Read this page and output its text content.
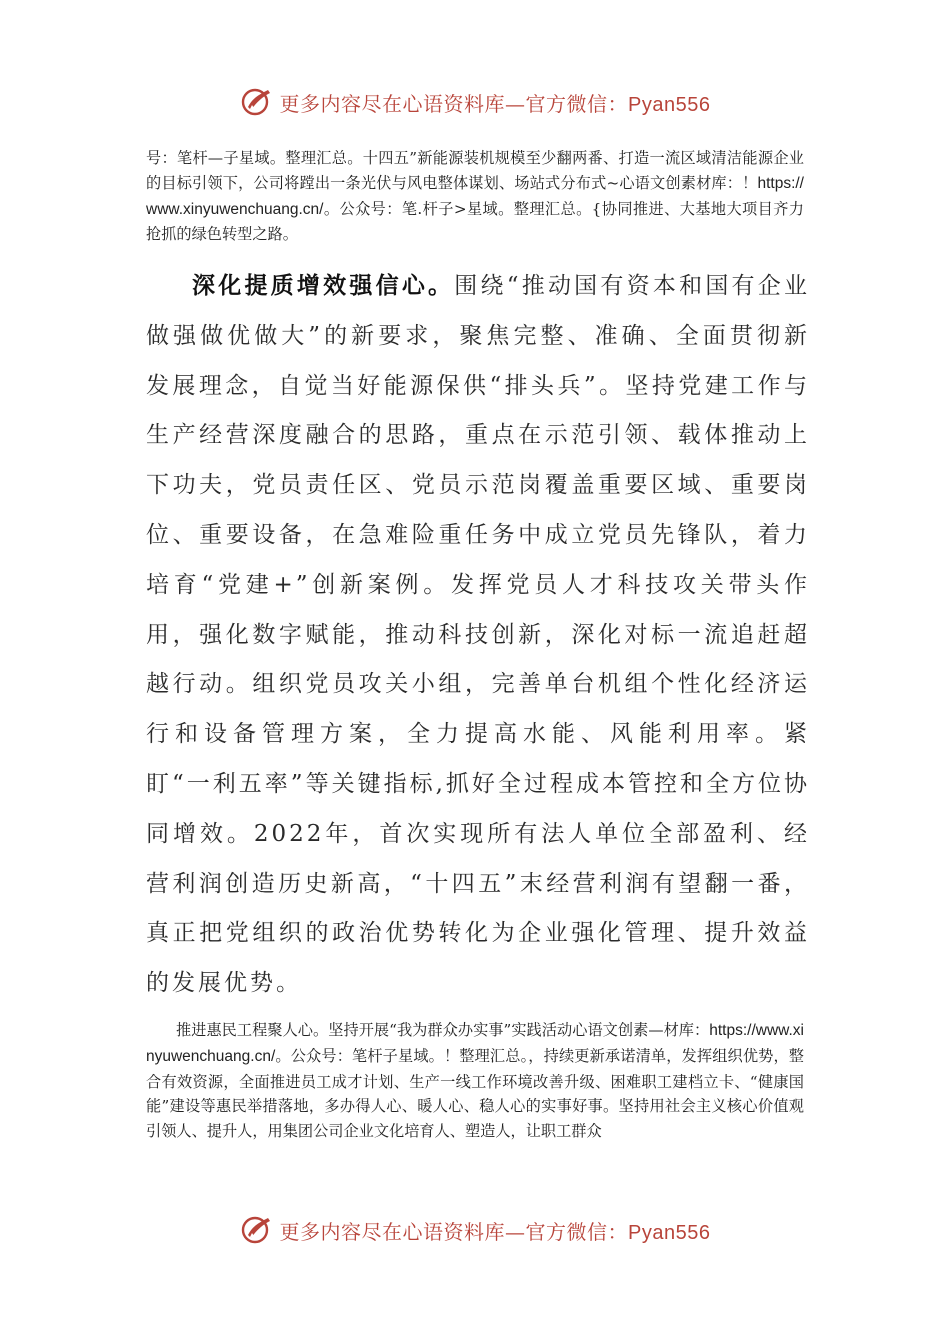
更多内容尽在心语资料库—官方微信：Pyan556

号：笔杆—子星域。整理汇总。十四五”新能源装机规模至少翻两番、打造一流区域清洁能源企业的目标引领下，公司将蹚出一条光伏与风电整体谋划、场站式分布式~心语文创素材库：！https://www.xinyuwenchuang.cn/。公众号：笔.杆子>星域。整理汇总。{协同推进、大基地大项目齐力抢抓的绿色转型之路。

深化提质增效强信心。围绕“推动国有资本和国有企业做强做优做大”的新要求，聚焦完整、准确、全面贯彻新发展理念，自觉当好能源保供“排头兵”。坚持党建工作与生产经营深度融合的思路，重点在示范引领、载体推动上下功夫，党员责任区、党员示范岗覆盖重要区域、重要岗位、重要设备，在急难险重任务中成立党员先锋队，着力培育“党建+”创新案例。发挥党员人才科技攻关带头作用，强化数字赋能，推动科技创新，深化对标一流追赶超越行动。组织党员攻关小组，完善单台机组个性化经济运行和设备管理方案，全力提高水能、风能利用率。紧盯“一利五率”等关键指标,抓好全过程成本管控和全方位协同增效。2022年，首次实现所有法人单位全部盈利、经营利润创造历史新高，“十四五”末经营利润有望翻一番，真正把党组织的政治优势转化为企业强化管理、提升效益的发展优势。

推进惠民工程聚人心。坚持开展“我为群众办实事”实践活动心语文创素—材库：https://www.xinyuwenchuang.cn/。公众号：笔杆子星域。！整理汇总。，持续更新承诺清单，发挥组织优势，整合有效资源，全面推进员工成才计划、生产一线工作环境改善升级、困难职工建档立卡、“健康国能”建设等惠民举措落地，多办得人心、暖人心、稳人心的实事好事。坚持用社会主义核心价值观引领人、提升人，用集团公司企业文化培育人、塑造人，让职工群众

更多内容尽在心语资料库—官方微信：Pyan556
